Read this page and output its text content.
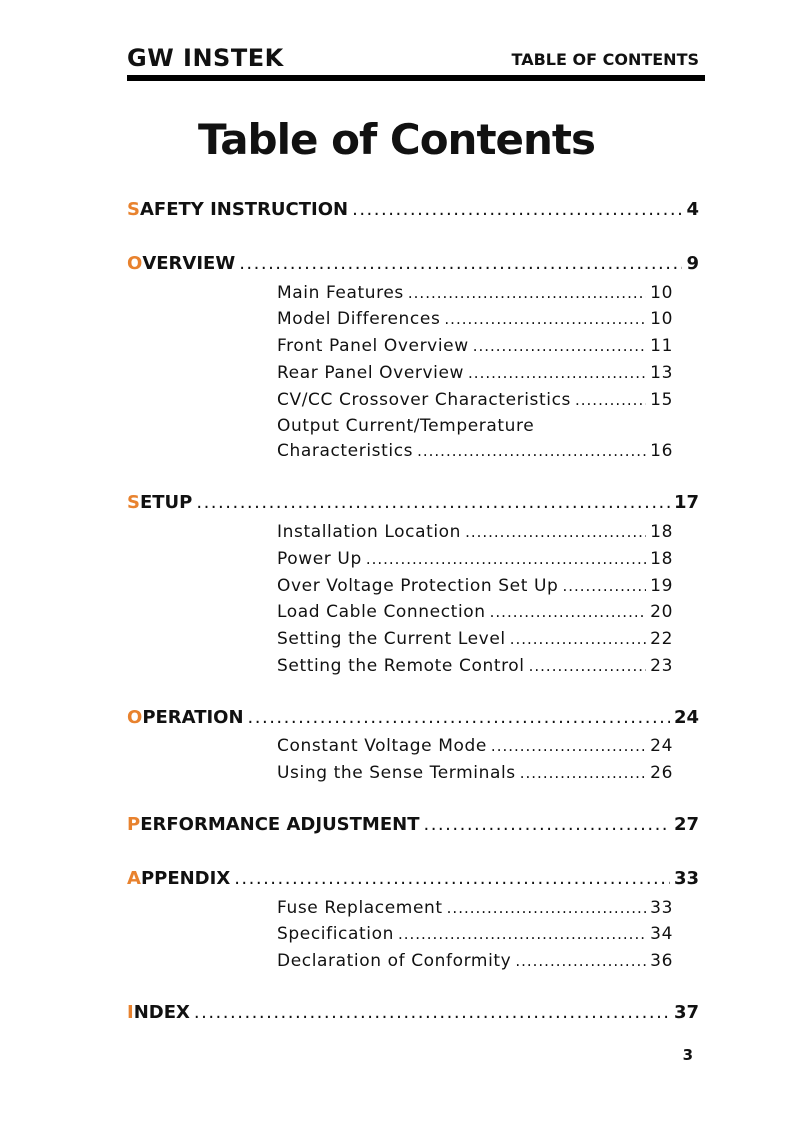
GW INSTEK	TABLE OF CONTENTS
Table of Contents
S AFETY INSTRUCTION .....	4
O VERVIEW .....	9
Main Features .....	10
Model Differences .....	10
Front Panel Overview .....	11
Rear Panel Overview .....	13
CV/CC Crossover Characteristics .....	15
Output Current/Temperature
Characteristics .....	16
S ETUP .....	17
Installation Location .....	18
Power Up .....	18
Over Voltage Protection Set Up .....	19
Load Cable Connection .....	20
Setting the Current Level .....	22
Setting the Remote Control .....	23
O PERATION .....	24
Constant Voltage Mode .....	24
Using the Sense Terminals .....	26
P ERFORMANCE ADJUSTMENT .....	27
A PPENDIX .....	33
Fuse Replacement .....	33
Specification .....	34
Declaration of Conformity .....	36
I NDEX .....	37
3
